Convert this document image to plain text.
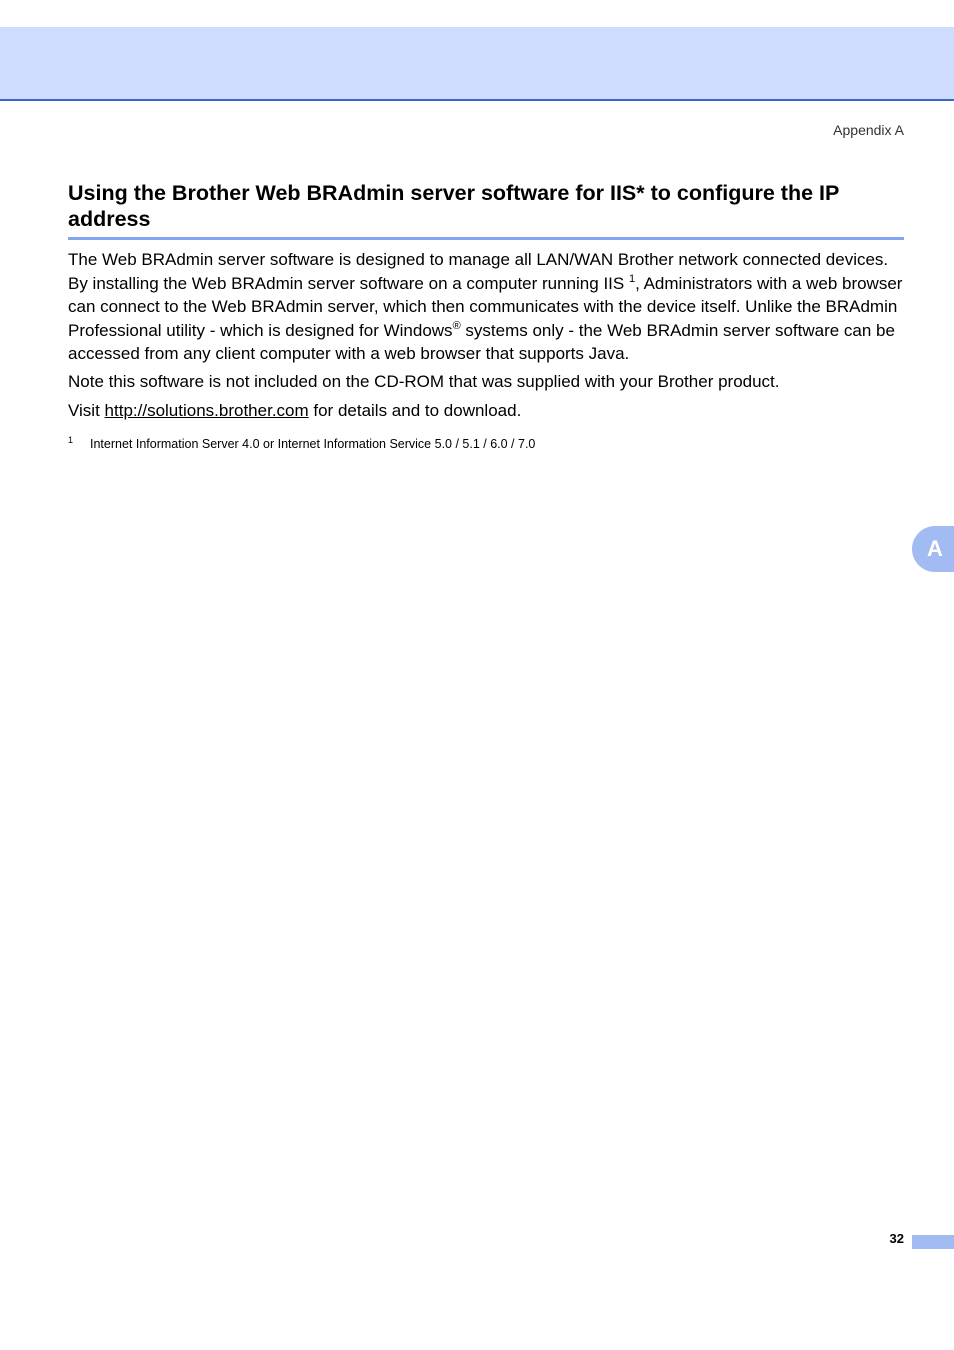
Appendix A
Using the Brother Web BRAdmin server software for IIS* to configure the IP address

The Web BRAdmin server software is designed to manage all LAN/WAN Brother network connected devices. By installing the Web BRAdmin server software on a computer running IIS $^1$, Administrators with a web browser can connect to the Web BRAdmin server, which then communicates with the device itself. Unlike the BRAdmin Professional utility - which is designed for Windows® systems only - the Web BRAdmin server software can be accessed from any client computer with a web browser that supports Java.

Note this software is not included on the CD-ROM that was supplied with your Brother product.

Visit http://solutions.brother.com for details and to download.

1 Internet Information Server 4.0 or Internet Information Service 5.0 / 5.1 / 6.0 / 7.0
A
32
